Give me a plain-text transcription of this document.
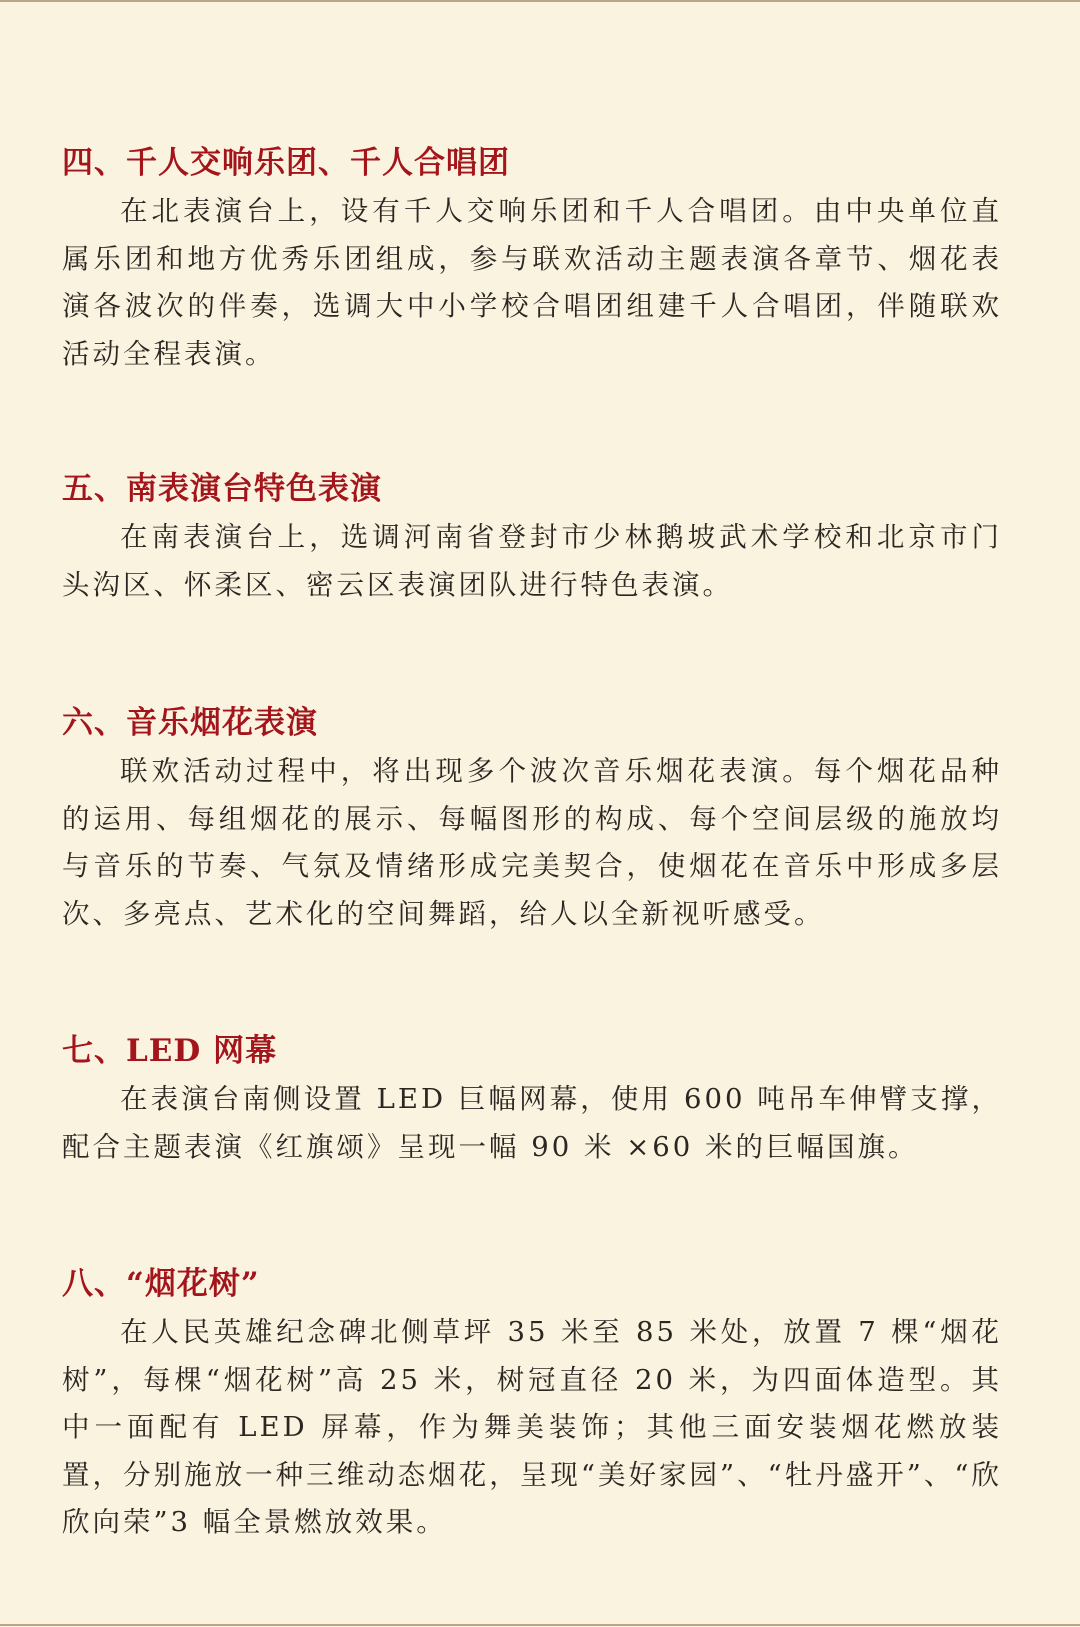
四、千人交响乐团、千人合唱团

在北表演台上，设有千人交响乐团和千人合唱团。由中央单位直属乐团和地方优秀乐团组成，参与联欢活动主题表演各章节、烟花表演各波次的伴奏，选调大中小学校合唱团组建千人合唱团，伴随联欢活动全程表演。

五、南表演台特色表演

在南表演台上，选调河南省登封市少林鹅坡武术学校和北京市门头沟区、怀柔区、密云区表演团队进行特色表演。

六、音乐烟花表演

联欢活动过程中，将出现多个波次音乐烟花表演。每个烟花品种的运用、每组烟花的展示、每幅图形的构成、每个空间层级的施放均与音乐的节奏、气氛及情绪形成完美契合，使烟花在音乐中形成多层次、多亮点、艺术化的空间舞蹈，给人以全新视听感受。

七、LED 网幕

在表演台南侧设置 LED 巨幅网幕，使用 600 吨吊车伸臂支撑，配合主题表演《红旗颂》呈现一幅 90 米 ×60 米的巨幅国旗。

八、“烟花树”

在人民英雄纪念碑北侧草坪 35 米至 85 米处，放置 7 棵“烟花树”，每棵“烟花树”高 25 米，树冠直径 20 米，为四面体造型。其中一面配有 LED 屏幕，作为舞美装饰；其他三面安装烟花燃放装置，分别施放一种三维动态烟花，呈现“美好家园”、“牡丹盛开”、“欣欣向荣”3 幅全景燃放效果。
